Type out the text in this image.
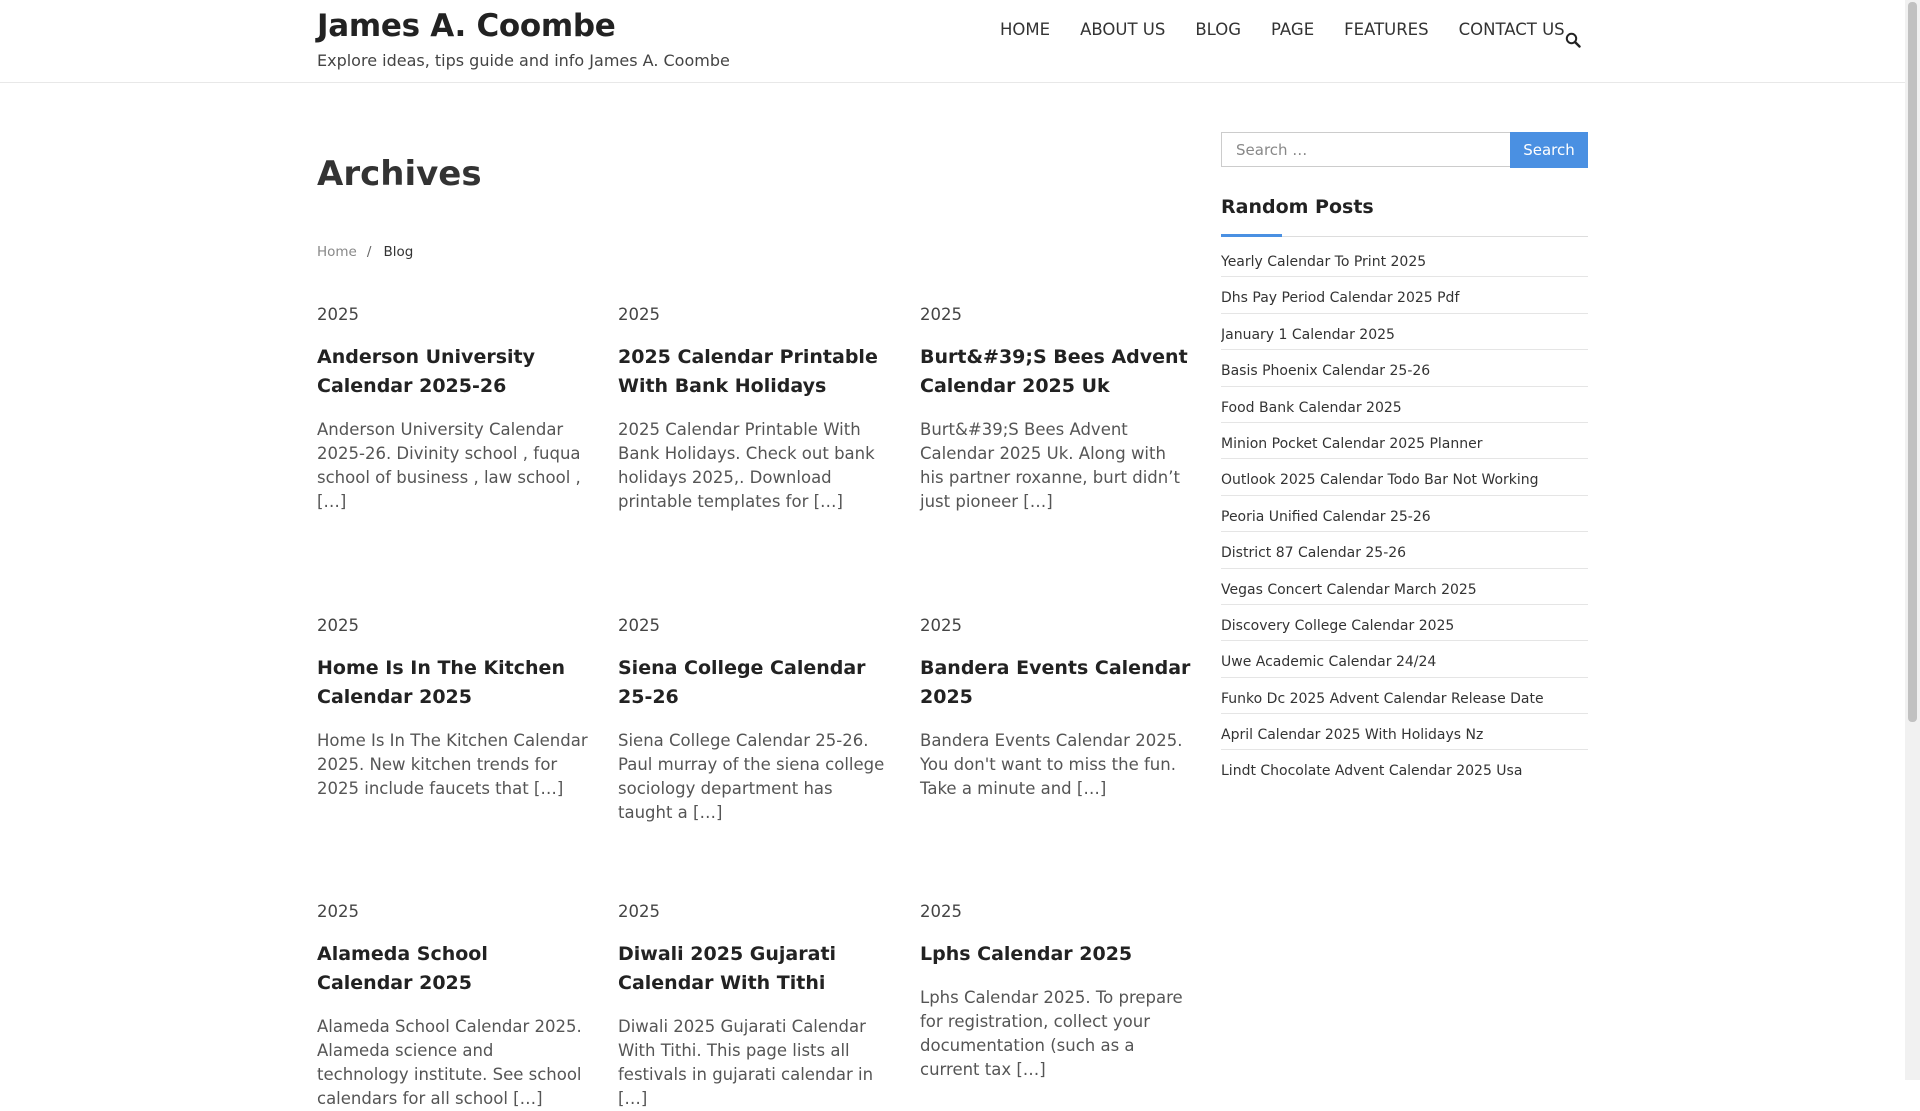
James A. Coombe
Explore ideas, tips guide and info James A. Coombe
HOME	ABOUT US	BLOG	PAGE	FEATURES	CONTACT US
Archives
Home / Blog

2025

Anderson University Calendar 2025-26

Anderson University Calendar 2025-26. Divinity school , fuqua school of business , law school , […]

2025

2025 Calendar Printable With Bank Holidays

2025 Calendar Printable With Bank Holidays. Check out bank holidays 2025,. Download printable templates for […]

2025

Burt&#39;S Bees Advent Calendar 2025 Uk

Burt&#39;S Bees Advent Calendar 2025 Uk. Along with his partner roxanne, burt didn’t just pioneer […]

2025

Home Is In The Kitchen Calendar 2025

Home Is In The Kitchen Calendar 2025. New kitchen trends for 2025 include faucets that […]

2025

Siena College Calendar 25-26

Siena College Calendar 25-26. Paul murray of the siena college sociology department has taught a […]

2025

Bandera Events Calendar 2025

Bandera Events Calendar 2025. You don't want to miss the fun. Take a minute and […]

2025

Alameda School Calendar 2025

Alameda School Calendar 2025. Alameda science and technology institute. See school calendars for all school […]

2025

Diwali 2025 Gujarati Calendar With Tithi

Diwali 2025 Gujarati Calendar With Tithi. This page lists all festivals in gujarati calendar in […]

2025

Lphs Calendar 2025

Lphs Calendar 2025. To prepare for registration, collect your documentation (such as a current tax […]

Search …
Search
Random Posts
Yearly Calendar To Print 2025
Dhs Pay Period Calendar 2025 Pdf
January 1 Calendar 2025
Basis Phoenix Calendar 25-26
Food Bank Calendar 2025
Minion Pocket Calendar 2025 Planner
Outlook 2025 Calendar Todo Bar Not Working
Peoria Unified Calendar 25-26
District 87 Calendar 25-26
Vegas Concert Calendar March 2025
Discovery College Calendar 2025
Uwe Academic Calendar 24/24
Funko Dc 2025 Advent Calendar Release Date
April Calendar 2025 With Holidays Nz
Lindt Chocolate Advent Calendar 2025 Usa
